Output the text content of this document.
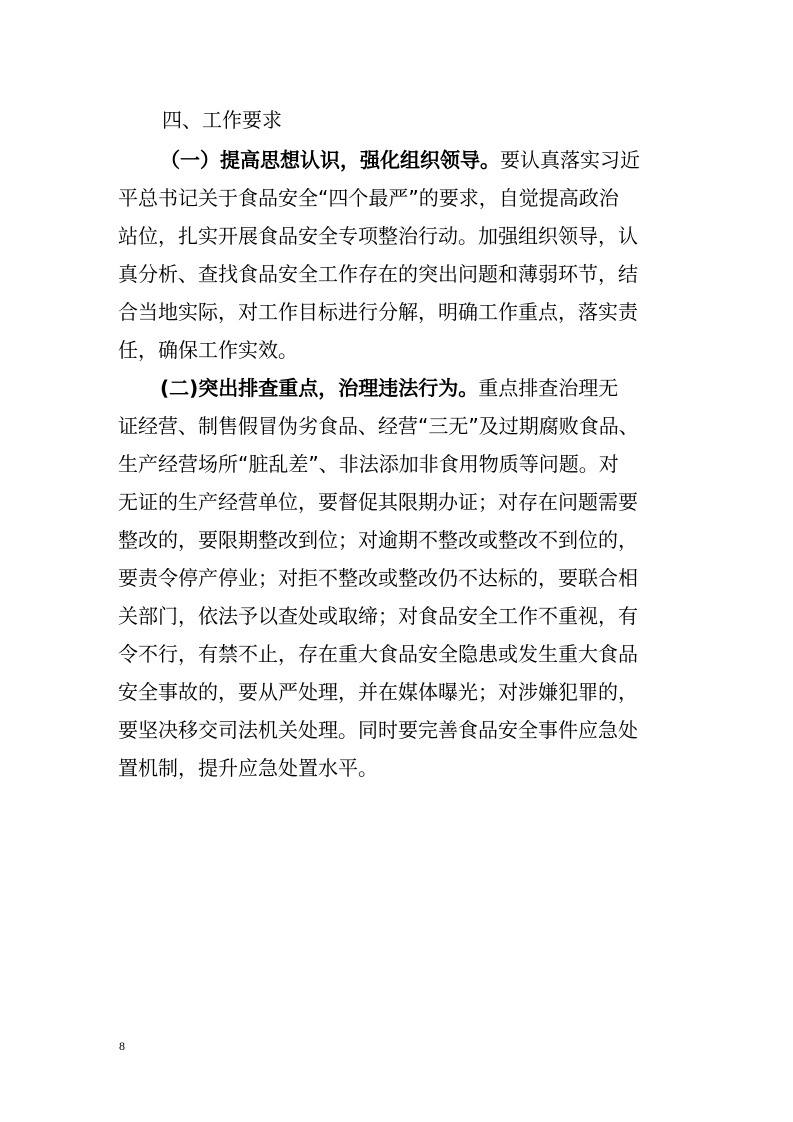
四、工作要求
（一）提高思想认识，强化组织领导。要认真落实习近
平总书记关于食品安全“四个最严”的要求，自觉提高政治
站位，扎实开展食品安全专项整治行动。加强组织领导，认
真分析、查找食品安全工作存在的突出问题和薄弱环节，结
合当地实际，对工作目标进行分解，明确工作重点，落实责
任，确保工作实效。
(二)突出排查重点，治理违法行为。重点排查治理无
证经营、制售假冒伪劣食品、经营“三无”及过期腐败食品、
生产经营场所“脏乱差”、非法添加非食用物质等问题。对
无证的生产经营单位，要督促其限期办证；对存在问题需要
整改的，要限期整改到位；对逾期不整改或整改不到位的，
要责令停产停业；对拒不整改或整改仍不达标的，要联合相
关部门，依法予以查处或取缔；对食品安全工作不重视，有
令不行，有禁不止，存在重大食品安全隐患或发生重大食品
安全事故的，要从严处理，并在媒体曝光；对涉嫌犯罪的，
要坚决移交司法机关处理。同时要完善食品安全事件应急处
置机制，提升应急处置水平。
8
